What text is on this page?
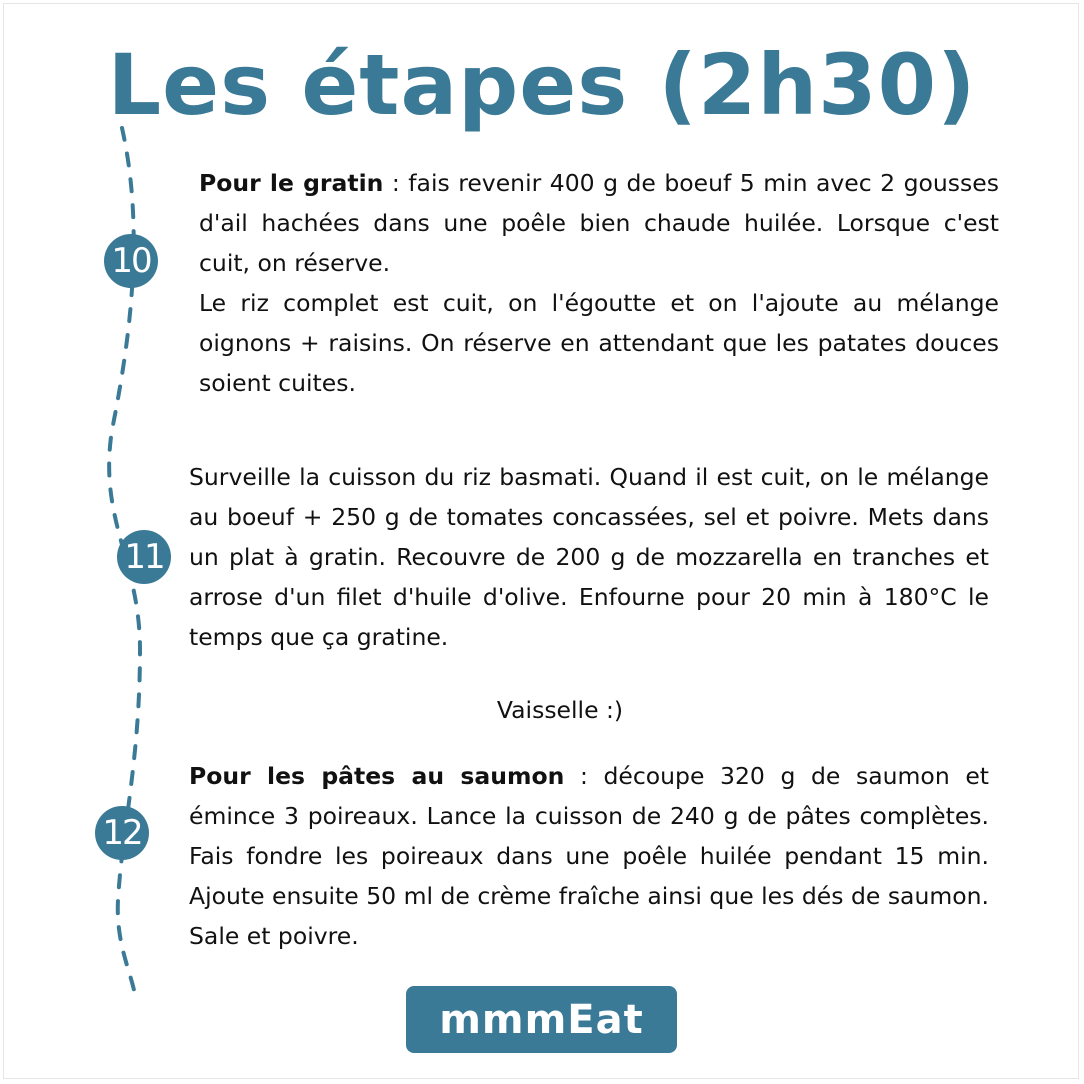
Les étapes (2h30)
10
11
12

Pour le gratin : fais revenir 400 g de boeuf 5 min avec 2 gousses d'ail hachées dans une poêle bien chaude huilée. Lorsque c'est cuit, on réserve.

Le riz complet est cuit, on l'égoutte et on l'ajoute au mélange oignons + raisins. On réserve en attendant que les patates douces soient cuites.

Surveille la cuisson du riz basmati. Quand il est cuit, on le mélange au boeuf + 250 g de tomates concassées, sel et poivre. Mets dans un plat à gratin. Recouvre de 200 g de mozzarella en tranches et arrose d'un filet d'huile d'olive. Enfourne pour 20 min à 180°C le temps que ça gratine.

Vaisselle :)

Pour les pâtes au saumon : découpe 320 g de saumon et émince 3 poireaux. Lance la cuisson de 240 g de pâtes complètes. Fais fondre les poireaux dans une poêle huilée pendant 15 min. Ajoute ensuite 50 ml de crème fraîche ainsi que les dés de saumon. Sale et poivre.

mmmEat
